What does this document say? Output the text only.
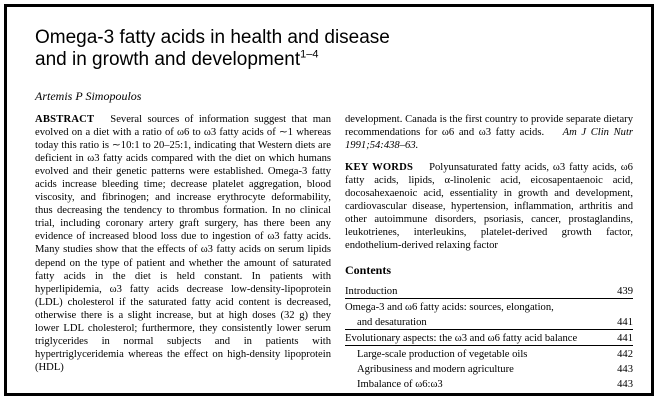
Omega-3 fatty acids in health and disease
and in growth and development$^{1-4}$
Artemis P Simopoulos

ABSTRACT Several sources of information suggest that man evolved on a diet with a ratio of ω6 to ω3 fatty acids of ∼1 whereas today this ratio is ∼10:1 to 20–25:1, indicating that Western diets are deficient in ω3 fatty acids compared with the diet on which humans evolved and their genetic patterns were established. Omega-3 fatty acids increase bleeding time; decrease platelet aggregation, blood viscosity, and fibrinogen; and increase erythrocyte deformability, thus decreasing the tendency to thrombus formation. In no clinical trial, including coronary artery graft surgery, has there been any evidence of increased blood loss due to ingestion of ω3 fatty acids. Many studies show that the effects of ω3 fatty acids on serum lipids depend on the type of patient and whether the amount of saturated fatty acids in the diet is held constant. In patients with hyperlipidemia, ω3 fatty acids decrease low-density-lipoprotein (LDL) cholesterol if the saturated fatty acid content is decreased, otherwise there is a slight increase, but at high doses (32 g) they lower LDL cholesterol; furthermore, they consistently lower serum triglycerides in normal subjects and in patients with hypertriglyceridemia whereas the effect on high-density lipoprotein (HDL)

development. Canada is the first country to provide separate dietary recommendations for ω6 and ω3 fatty acids. Am J Clin Nutr 1991;54:438–63.

KEY WORDS Polyunsaturated fatty acids, ω3 fatty acids, ω6 fatty acids, lipids, α-linolenic acid, eicosapentaenoic acid, docosahexaenoic acid, essentiality in growth and development, cardiovascular disease, hypertension, inflammation, arthritis and other autoimmune disorders, psoriasis, cancer, prostaglandins, leukotrienes, interleukins, platelet-derived growth factor, endothelium-derived relaxing factor

Contents

Introduction	439
Omega-3 and ω6 fatty acids: sources, elongation,
and desaturation	441
Evolutionary aspects: the ω3 and ω6 fatty acid balance	441
Large-scale production of vegetable oils	442
Agribusiness and modern agriculture	443
Imbalance of ω6:ω3	443
